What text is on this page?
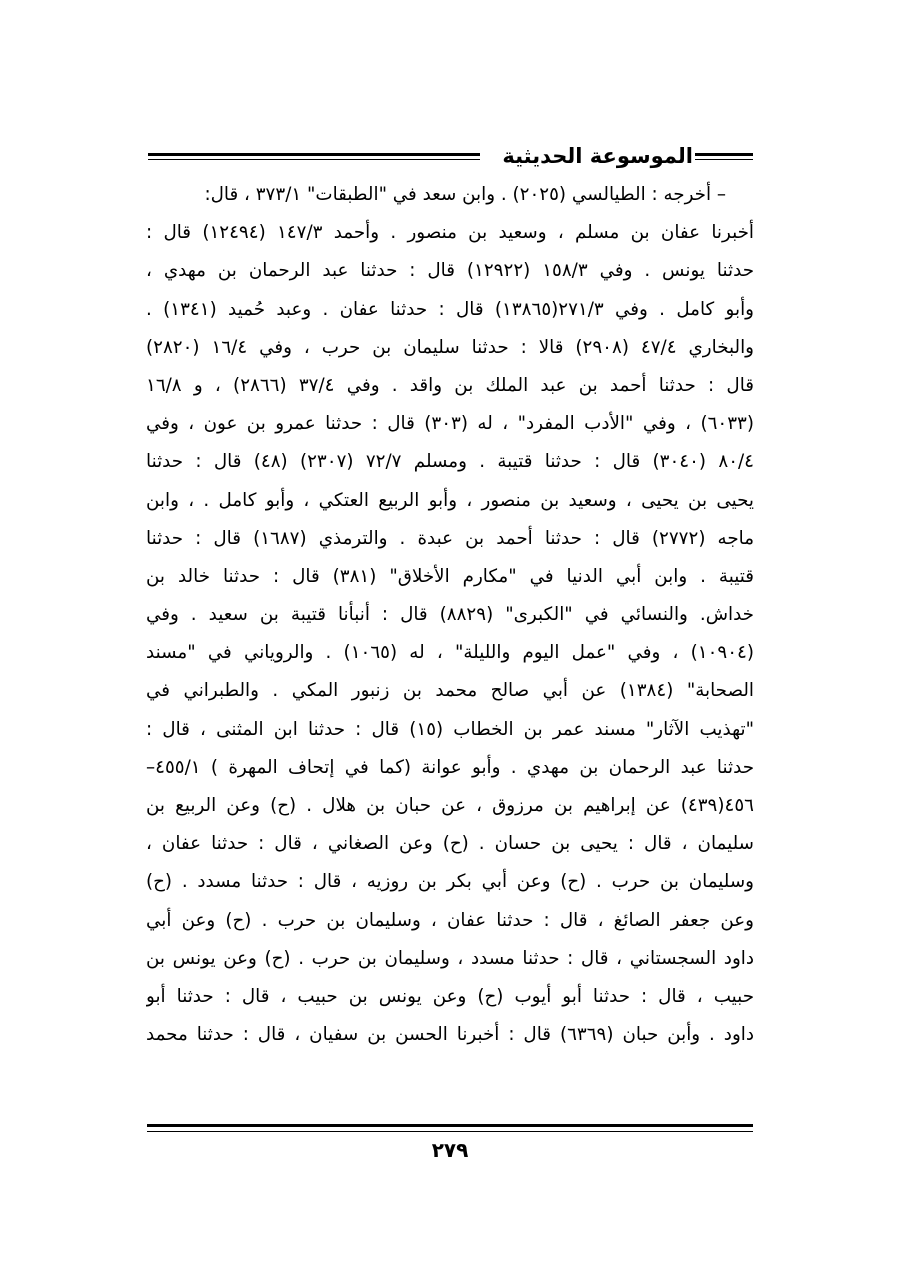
الموسوعة الحديثية
– أخرجه : الطيالسي (٢٠٢٥) . وابن سعد في "الطبقات" ٣٧٣/١ ، قال:
أخبرنا عفان بن مسلم ، وسعيد بن منصور . وأحمد ١٤٧/٣ (١٢٤٩٤) قال :
حدثنا يونس . وفي ١٥٨/٣ (١٢٩٢٢) قال : حدثنا عبد الرحمان بن مهدي ،
وأبو كامل . وفي ٢٧١/٣(١٣٨٦٥) قال : حدثنا عفان . وعبد حُميد (١٣٤١) .
والبخاري ٤٧/٤ (٢٩٠٨) قالا : حدثنا سليمان بن حرب ، وفي ١٦/٤ (٢٨٢٠)
قال : حدثنا أحمد بن عبد الملك بن واقد . وفي ٣٧/٤ (٢٨٦٦) ، و ١٦/٨
(٦٠٣٣) ، وفي "الأدب المفرد" ، له (٣٠٣) قال : حدثنا عمرو بن عون ، وفي
٨٠/٤ (٣٠٤٠) قال : حدثنا قتيبة . ومسلم ٧٢/٧ (٢٣٠٧) (٤٨) قال : حدثنا
يحيى بن يحيى ، وسعيد بن منصور ، وأبو الربيع العتكي ، وأبو كامل . ، وابن
ماجه (٢٧٧٢) قال : حدثنا أحمد بن عبدة . والترمذي (١٦٨٧) قال : حدثنا
قتيبة . وابن أبي الدنيا في "مكارم الأخلاق" (٣٨١) قال : حدثنا خالد بن
خداش. والنسائي في "الكبرى" (٨٨٢٩) قال : أنبأنا قتيبة بن سعيد . وفي
(١٠٩٠٤) ، وفي "عمل اليوم والليلة" ، له (١٠٦٥) . والروياني في "مسند
الصحابة" (١٣٨٤) عن أبي صالح محمد بن زنبور المكي . والطبراني في
"تهذيب الآثار" مسند عمر بن الخطاب (١٥) قال : حدثنا ابن المثنى ، قال :
حدثنا عبد الرحمان بن مهدي . وأبو عوانة (كما في إتحاف المهرة ) ٤٥٥/١–
٤٥٦(٤٣٩) عن إبراهيم بن مرزوق ، عن حبان بن هلال . (ح) وعن الربيع بن
سليمان ، قال : يحيى بن حسان . (ح) وعن الصغاني ، قال : حدثنا عفان ،
وسليمان بن حرب . (ح) وعن أبي بكر بن روزيه ، قال : حدثنا مسدد . (ح)
وعن جعفر الصائغ ، قال : حدثنا عفان ، وسليمان بن حرب . (ح) وعن أبي
داود السجستاني ، قال : حدثنا مسدد ، وسليمان بن حرب . (ح) وعن يونس بن
حبيب ، قال : حدثنا أبو أيوب (ح) وعن يونس بن حبيب ، قال : حدثنا أبو
داود . وأبن حبان (٦٣٦٩) قال : أخبرنا الحسن بن سفيان ، قال : حدثنا محمد
٢٧٩
